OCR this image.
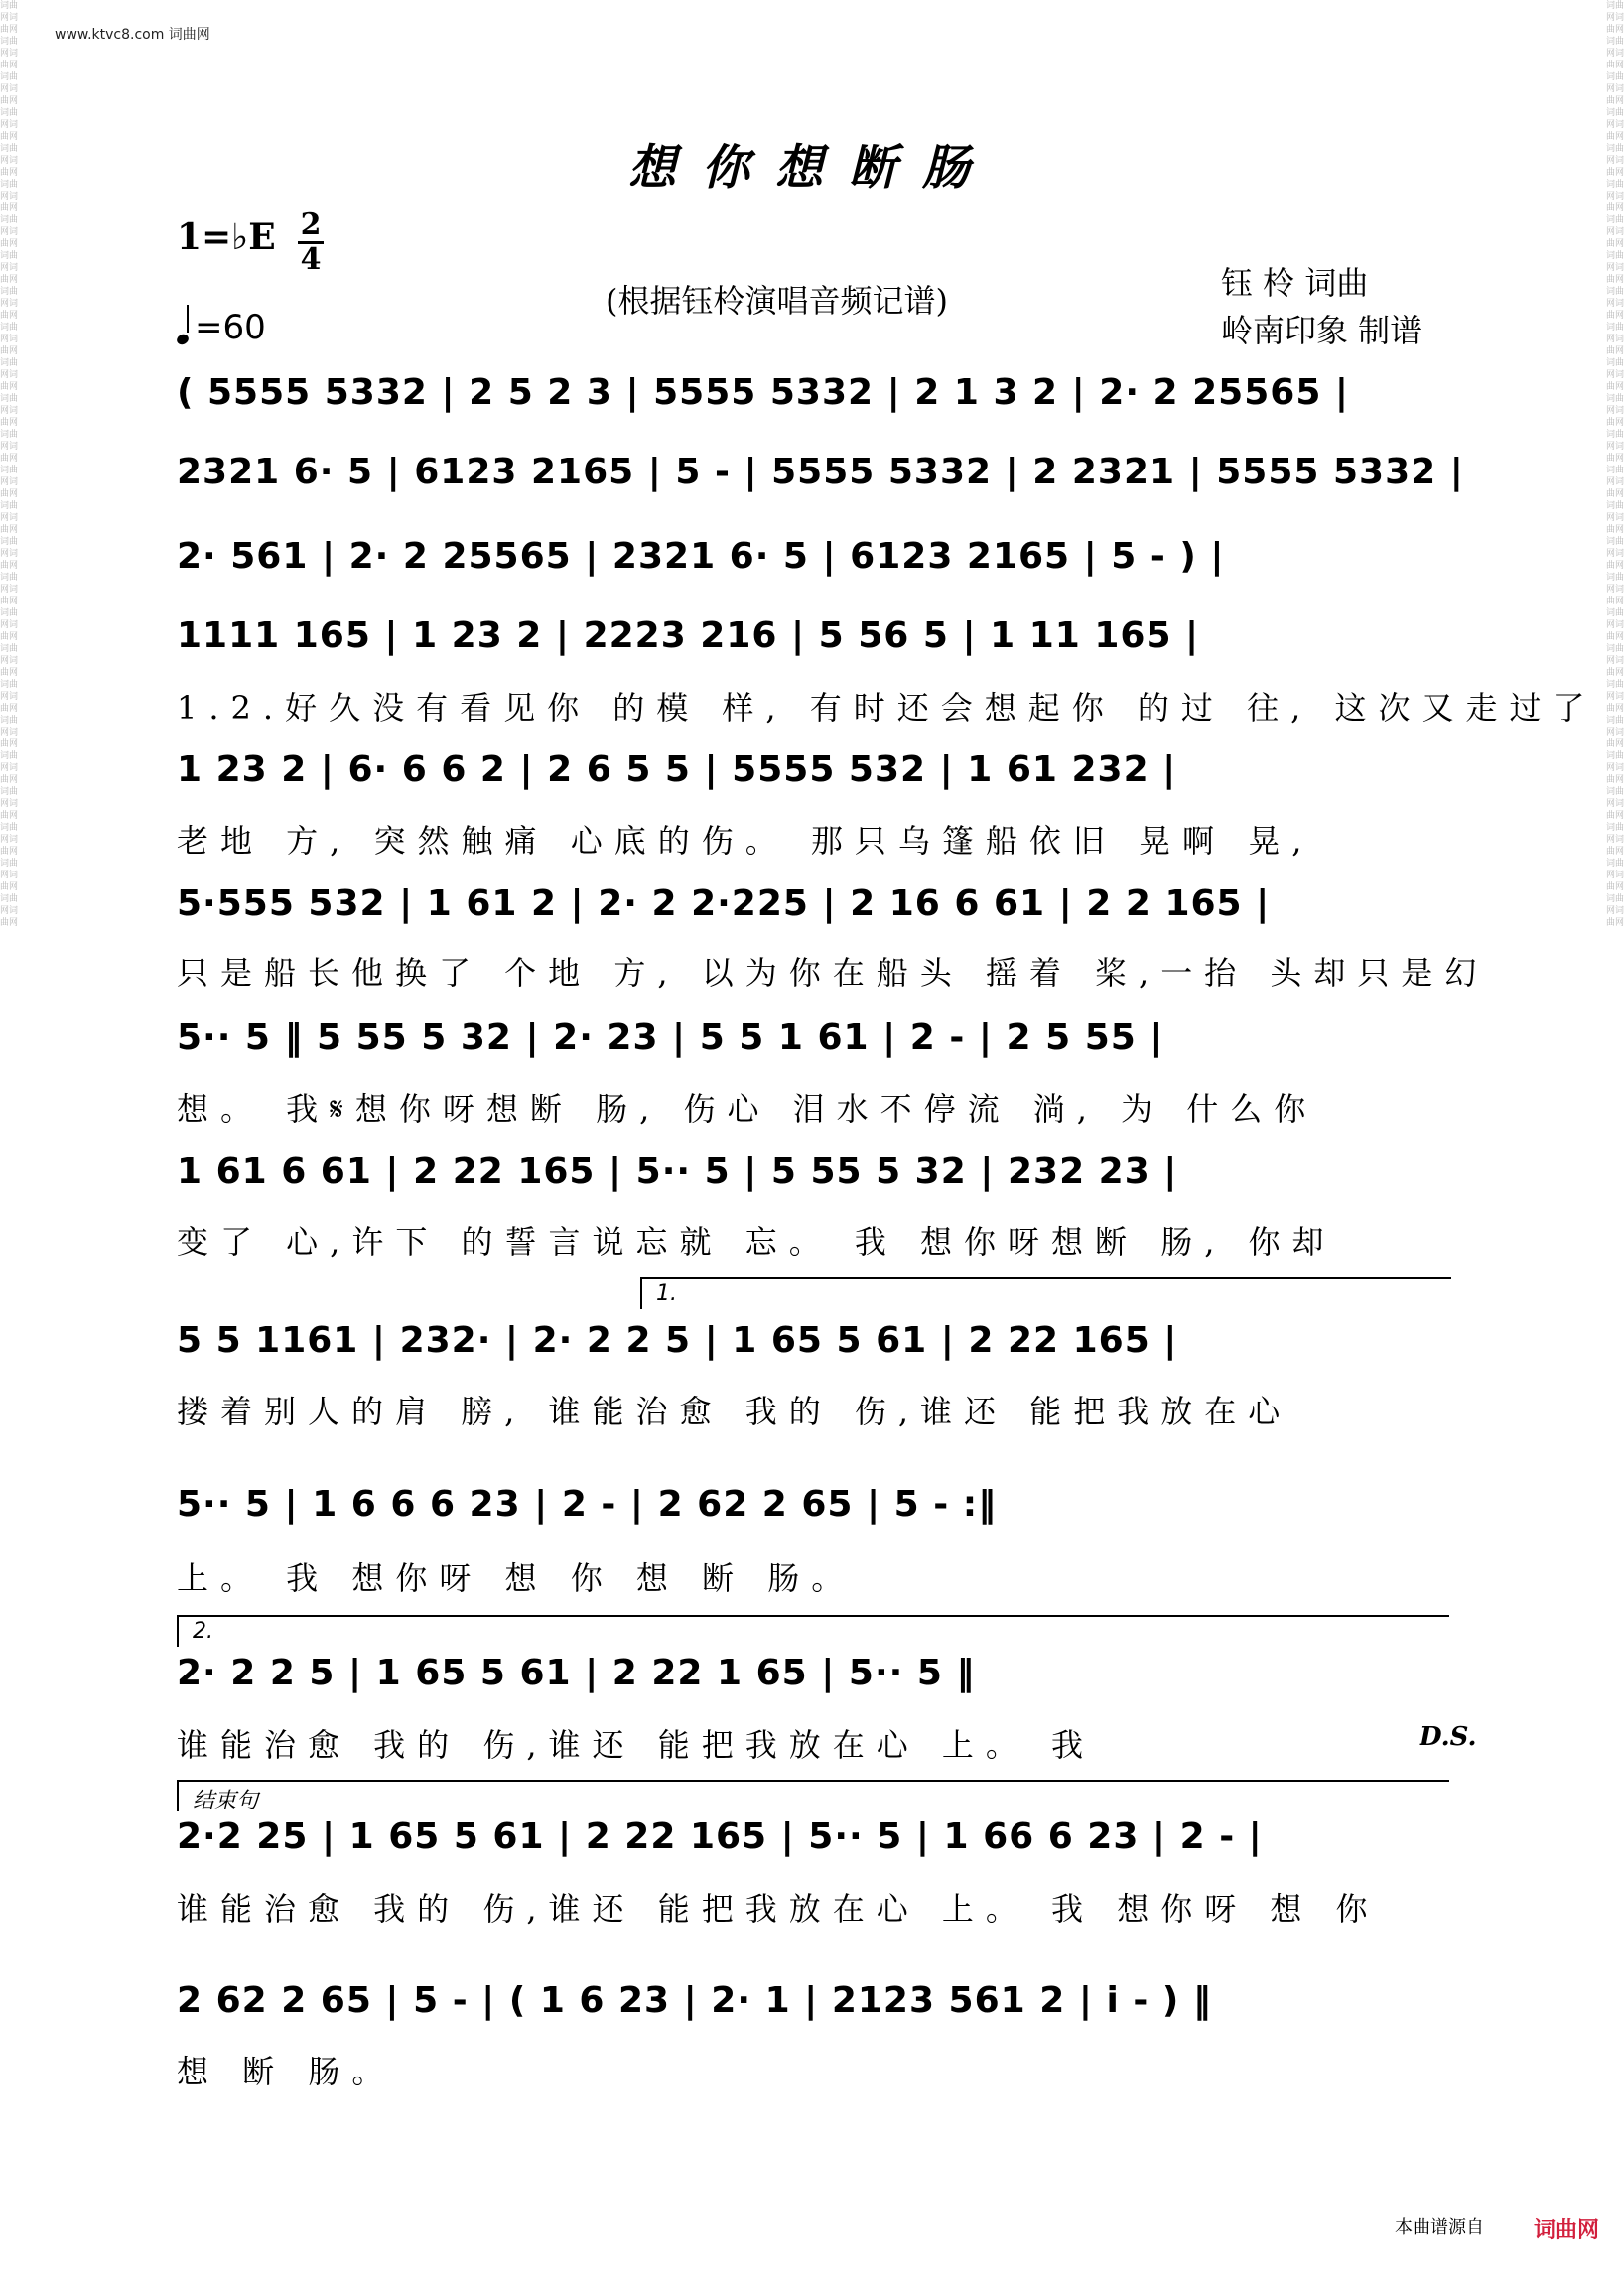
词曲网词曲网词曲网词曲网词曲网词曲网词曲网词曲网词曲网词曲网词曲网词曲网词曲网词曲网词曲网词曲网词曲网词曲网词曲网词曲网词曲网词曲网词曲网词曲网词曲网词曲网词曲网词曲网词曲网词曲网词曲网词曲网词曲网词曲网词曲网词曲网词曲网词曲网词曲网词曲网词曲网词曲网词曲网词曲网词曲网词曲网词曲网词曲网词曲网词曲网词曲网词曲网
词曲网词曲网词曲网词曲网词曲网词曲网词曲网词曲网词曲网词曲网词曲网词曲网词曲网词曲网词曲网词曲网词曲网词曲网词曲网词曲网词曲网词曲网词曲网词曲网词曲网词曲网词曲网词曲网词曲网词曲网词曲网词曲网词曲网词曲网词曲网词曲网词曲网词曲网词曲网词曲网词曲网词曲网词曲网词曲网词曲网词曲网词曲网词曲网词曲网词曲网词曲网词曲网
www.ktvc8.com 词曲网
想你想断肠
1=♭E 2
4
=60
(根据钰柃演唱音频记谱)	钰 柃 词曲
岭南印象 制谱
( 5555 5332 | 2 5 2 3 | 5555 5332 | 2 1 3 2 | 2· 2 25565 |
2321 6· 5 | 6123 2165 | 5 - | 5555 5332 | 2 2321 | 5555 5332 |
2· 561 | 2· 2 25565 | 2321 6· 5 | 6123 2165 | 5 - ) |
1111 165 | 1 23 2 | 2223 216 | 5 56 5 | 1 11 165 |
1.2.好久没有看见你 的模 样, 有时还会想起你 的过 往, 这次又走过了
1 23 2 | 6· 6 6 2 | 2 6 5 5 | 5555 532 | 1 61 232 |
老地 方, 突然触痛 心底的伤。 那只乌篷船依旧 晃啊 晃,
5·555 532 | 1 61 2 | 2· 2 2·225 | 2 16 6 61 | 2 2 165 |
只是船长他换了 个地 方, 以为你在船头 摇着 桨,一抬 头却只是幻
5·· 5 ‖ 5 55 5 32 | 2· 23 | 5 5 1 61 | 2 - | 2 5 55 |
想。 我𝄋想你呀想断 肠, 伤心 泪水不停流 淌, 为 什么你
1 61 6 61 | 2 22 165 | 5·· 5 | 5 55 5 32 | 232 23 |
变了 心,许下 的誓言说忘就 忘。 我 想你呀想断 肠, 你却
5 5 1161 | 232· | 2· 2 2 5 | 1 65 5 61 | 2 22 165 |
搂着别人的肩 膀, 谁能治愈 我的 伤,谁还 能把我放在心
5·· 5 | 1 6 6 6 23 | 2 - | 2 62 2 65 | 5 - :‖
上。 我 想你呀 想 你 想 断 肠。
2· 2 2 5 | 1 65 5 61 | 2 22 1 65 | 5·· 5 ‖
谁能治愈 我的 伤,谁还 能把我放在心 上。 我
2·2 25 | 1 65 5 61 | 2 22 165 | 5·· 5 | 1 66 6 23 | 2 - |
谁能治愈 我的 伤,谁还 能把我放在心 上。 我 想你呀 想 你
2 62 2 65 | 5 - | ( 1 6 23 | 2· 1 | 2123 561 2 | i - ) ‖
想 断 肠。
1.
2.
结束句
D.S.
本曲谱源自 词曲网
